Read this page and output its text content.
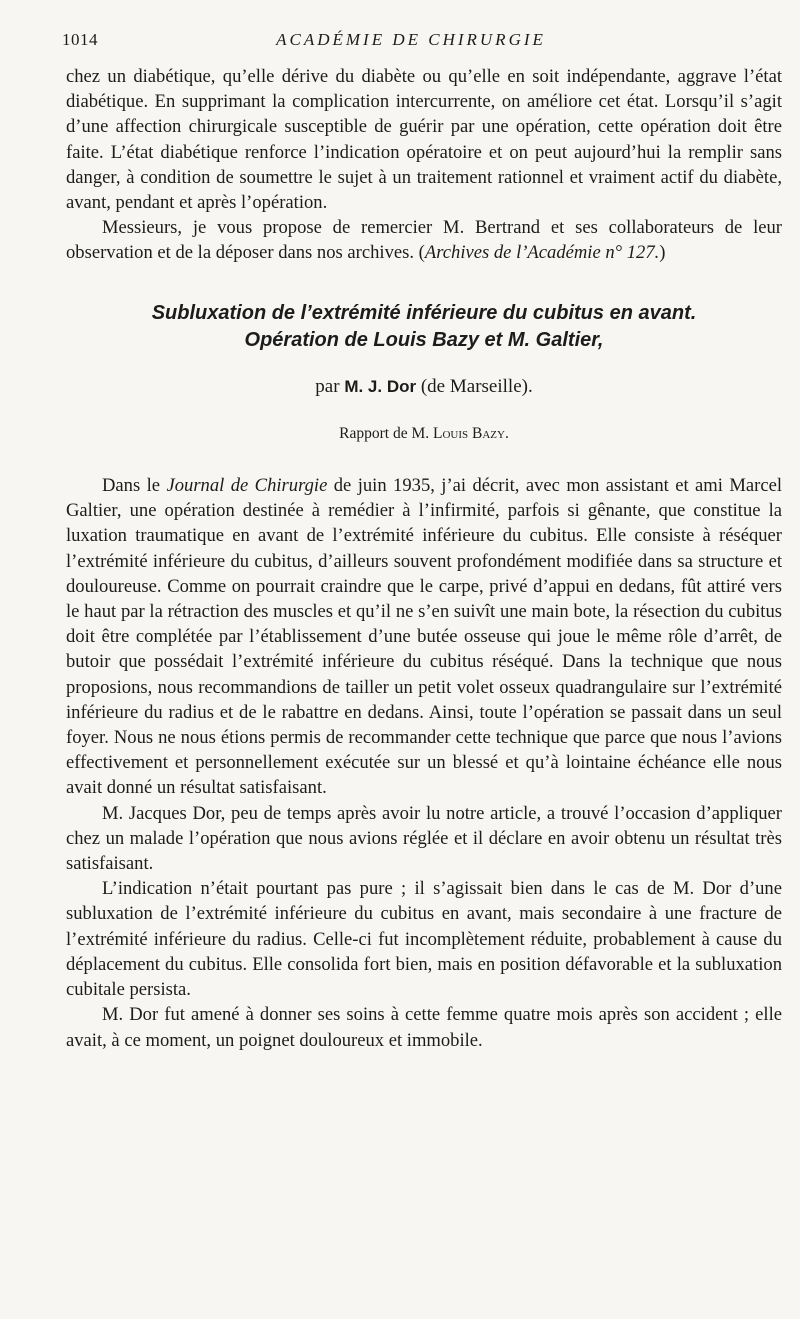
1014	ACADÉMIE DE CHIRURGIE

chez un diabétique, qu’elle dérive du diabète ou qu’elle en soit indépendante, aggrave l’état diabétique. En supprimant la complication intercurrente, on améliore cet état. Lorsqu’il s’agit d’une affection chirurgicale susceptible de guérir par une opération, cette opération doit être faite. L’état diabétique renforce l’indication opératoire et on peut aujourd’hui la remplir sans danger, à condition de soumettre le sujet à un traitement rationnel et vraiment actif du diabète, avant, pendant et après l’opération.

Messieurs, je vous propose de remercier M. Bertrand et ses collaborateurs de leur observation et de la déposer dans nos archives. (Archives de l’Académie n° 127.)

Subluxation de l’extrémité inférieure du cubitus en avant.
Opération de Louis Bazy et M. Galtier,
par M. J. Dor (de Marseille).
Rapport de M. Louis Bazy.

Dans le Journal de Chirurgie de juin 1935, j’ai décrit, avec mon assistant et ami Marcel Galtier, une opération destinée à remédier à l’infirmité, parfois si gênante, que constitue la luxation traumatique en avant de l’extrémité inférieure du cubitus. Elle consiste à réséquer l’extrémité inférieure du cubitus, d’ailleurs souvent profondément modifiée dans sa structure et douloureuse. Comme on pourrait craindre que le carpe, privé d’appui en dedans, fût attiré vers le haut par la rétraction des muscles et qu’il ne s’en suivît une main bote, la résection du cubitus doit être complétée par l’établissement d’une butée osseuse qui joue le même rôle d’arrêt, de butoir que possédait l’extrémité inférieure du cubitus réséqué. Dans la technique que nous proposions, nous recommandions de tailler un petit volet osseux quadrangulaire sur l’extrémité inférieure du radius et de le rabattre en dedans. Ainsi, toute l’opération se passait dans un seul foyer. Nous ne nous étions permis de recommander cette technique que parce que nous l’avions effectivement et personnellement exécutée sur un blessé et qu’à lointaine échéance elle nous avait donné un résultat satisfaisant.

M. Jacques Dor, peu de temps après avoir lu notre article, a trouvé l’occasion d’appliquer chez un malade l’opération que nous avions réglée et il déclare en avoir obtenu un résultat très satisfaisant.

L’indication n’était pourtant pas pure ; il s’agissait bien dans le cas de M. Dor d’une subluxation de l’extrémité inférieure du cubitus en avant, mais secondaire à une fracture de l’extrémité inférieure du radius. Celle-ci fut incomplètement réduite, probablement à cause du déplacement du cubitus. Elle consolida fort bien, mais en position défavorable et la subluxation cubitale persista.

M. Dor fut amené à donner ses soins à cette femme quatre mois après son accident ; elle avait, à ce moment, un poignet douloureux et immobile.
